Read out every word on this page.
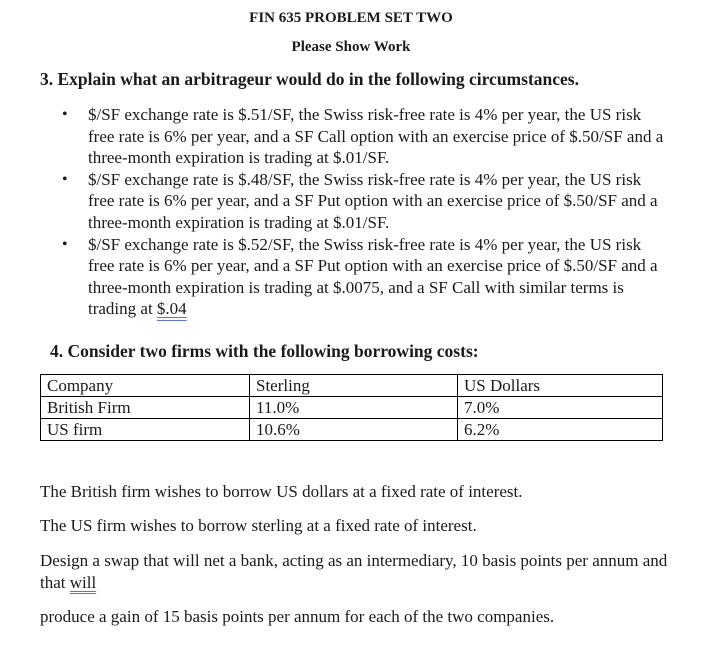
FIN 635 PROBLEM SET TWO
Please Show Work
3. Explain what an arbitrageur would do in the following circumstances.
• $/SF exchange rate is $.51/SF, the Swiss risk-free rate is 4% per year, the US risk free rate is 6% per year, and a SF Call option with an exercise price of $.50/SF and a three-month expiration is trading at $.01/SF.
• $/SF exchange rate is $.48/SF, the Swiss risk-free rate is 4% per year, the US risk free rate is 6% per year, and a SF Put option with an exercise price of $.50/SF and a three-month expiration is trading at $.01/SF.
• $/SF exchange rate is $.52/SF, the Swiss risk-free rate is 4% per year, the US risk free rate is 6% per year, and a SF Put option with an exercise price of $.50/SF and a three-month expiration is trading at $.0075, and a SF Call with similar terms is trading at $.04
4. Consider two firms with the following borrowing costs:
Company	Sterling	US Dollars
British Firm	11.0%	7.0%
US firm	10.6%	6.2%
The British firm wishes to borrow US dollars at a fixed rate of interest.
The US firm wishes to borrow sterling at a fixed rate of interest.
Design a swap that will net a bank, acting as an intermediary, 10 basis points per annum and that will
produce a gain of 15 basis points per annum for each of the two companies.
